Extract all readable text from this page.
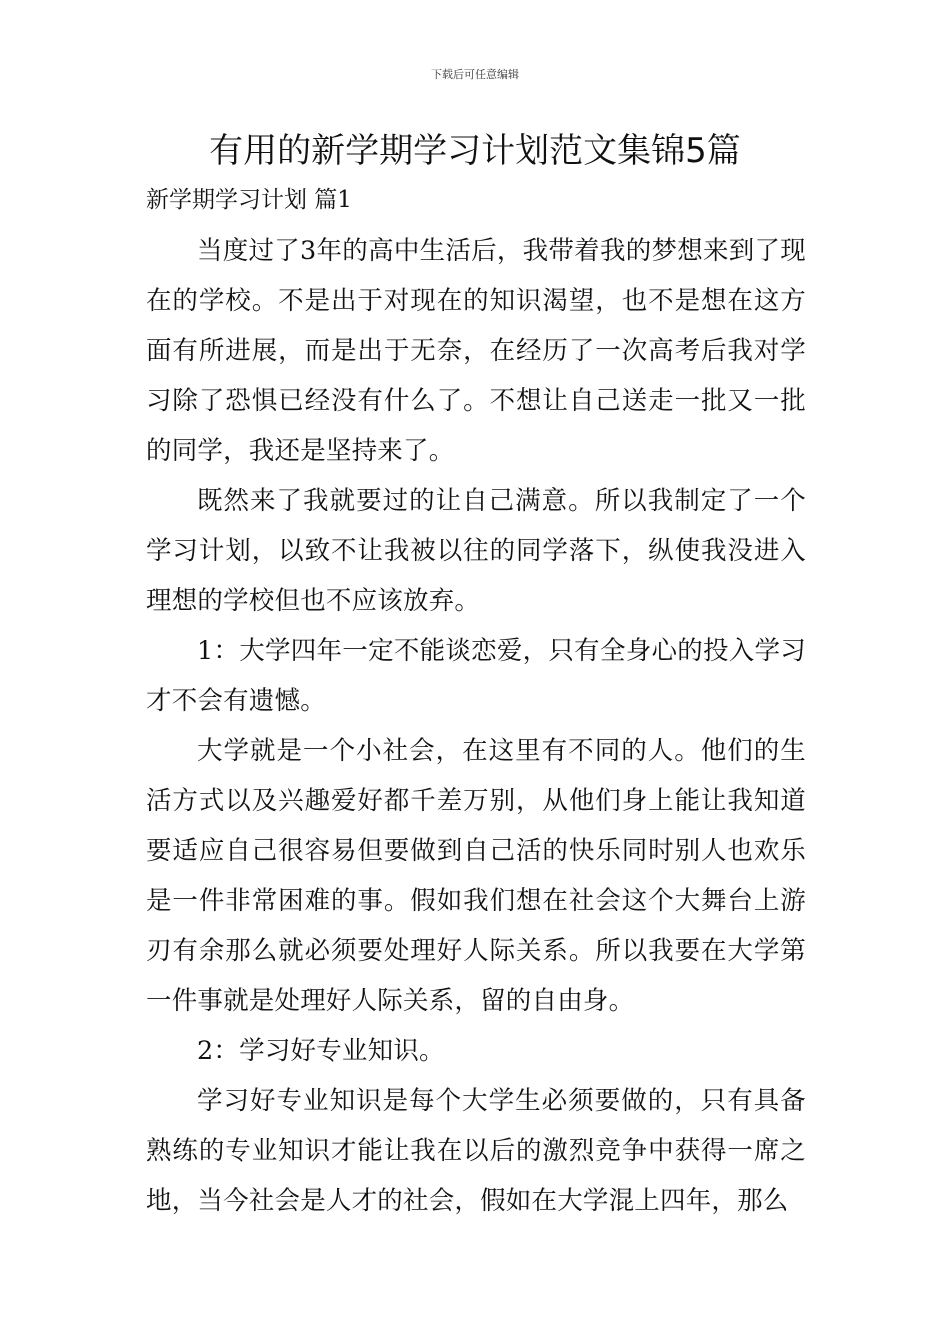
下载后可任意编辑
有用的新学期学习计划范文集锦5篇
新学期学习计划 篇1

当度过了3年的高中生活后，我带着我的梦想来到了现在的学校。不是出于对现在的知识渴望，也不是想在这方面有所进展，而是出于无奈，在经历了一次高考后我对学习除了恐惧已经没有什么了。不想让自己送走一批又一批的同学，我还是坚持来了。

既然来了我就要过的让自己满意。所以我制定了一个学习计划，以致不让我被以往的同学落下，纵使我没进入理想的学校但也不应该放弃。

1：大学四年一定不能谈恋爱，只有全身心的投入学习才不会有遗憾。

大学就是一个小社会，在这里有不同的人。他们的生活方式以及兴趣爱好都千差万别，从他们身上能让我知道要适应自己很容易但要做到自己活的快乐同时别人也欢乐是一件非常困难的事。假如我们想在社会这个大舞台上游刃有余那么就必须要处理好人际关系。所以我要在大学第一件事就是处理好人际关系，留的自由身。

2：学习好专业知识。

学习好专业知识是每个大学生必须要做的，只有具备熟练的专业知识才能让我在以后的激烈竞争中获得一席之地，当今社会是人才的社会，假如在大学混上四年，那么
